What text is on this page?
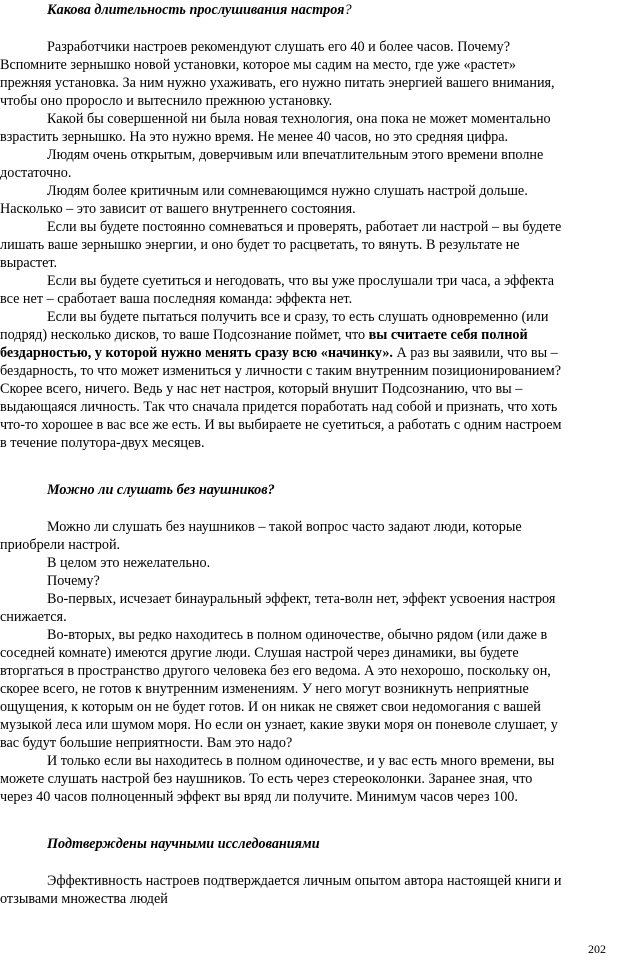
Какова длительность прослушивания настроя?

Разработчики настроев рекомендуют слушать его 40 и более часов. Почему?
Вспомните зернышко новой установки, которое мы садим на место, где уже «растет»
прежняя установка. За ним нужно ухаживать, его нужно питать энергией вашего внимания,
чтобы оно проросло и вытеснило прежнюю установку.

Какой бы совершенной ни была новая технология, она пока не может моментально
взрастить зернышко. На это нужно время. Не менее 40 часов, но это средняя цифра.

Людям очень открытым, доверчивым или впечатлительным этого времени вполне
достаточно.

Людям более критичным или сомневающимся нужно слушать настрой дольше.
Насколько – это зависит от вашего внутреннего состояния.

Если вы будете постоянно сомневаться и проверять, работает ли настрой – вы будете
лишать ваше зернышко энергии, и оно будет то расцветать, то вянуть. В результате не
вырастет.

Если вы будете суетиться и негодовать, что вы уже прослушали три часа, а эффекта
все нет – сработает ваша последняя команда: эффекта нет.

Если вы будете пытаться получить все и сразу, то есть слушать одновременно (или
подряд) несколько дисков, то ваше Подсознание поймет, что вы считаете себя полной
бездарностью, у которой нужно менять сразу всю «начинку». А раз вы заявили, что вы –
бездарность, то что может измениться у личности с таким внутренним позиционированием?
Скорее всего, ничего. Ведь у нас нет настроя, который внушит Подсознанию, что вы –
выдающаяся личность. Так что сначала придется поработать над собой и признать, что хоть
что-то хорошее в вас все же есть. И вы выбираете не суетиться, а работать с одним настроем
в течение полутора-двух месяцев.

Можно ли слушать без наушников?

Можно ли слушать без наушников – такой вопрос часто задают люди, которые
приобрели настрой.

В целом это нежелательно.

Почему?

Во-первых, исчезает бинауральный эффект, тета-волн нет, эффект усвоения настроя
снижается.

Во-вторых, вы редко находитесь в полном одиночестве, обычно рядом (или даже в
соседней комнате) имеются другие люди. Слушая настрой через динамики, вы будете
вторгаться в пространство другого человека без его ведома. А это нехорошо, поскольку он,
скорее всего, не готов к внутренним изменениям. У него могут возникнуть неприятные
ощущения, к которым он не будет готов. И он никак не свяжет свои недомогания с вашей
музыкой леса или шумом моря. Но если он узнает, какие звуки моря он поневоле слушает, у
вас будут большие неприятности. Вам это надо?

И только если вы находитесь в полном одиночестве, и у вас есть много времени, вы
можете слушать настрой без наушников. То есть через стереоколонки. Заранее зная, что
через 40 часов полноценный эффект вы вряд ли получите. Минимум часов через 100.

Подтверждены научными исследованиями

Эффективность настроев подтверждается личным опытом автора настоящей книги и
отзывами множества людей

202
